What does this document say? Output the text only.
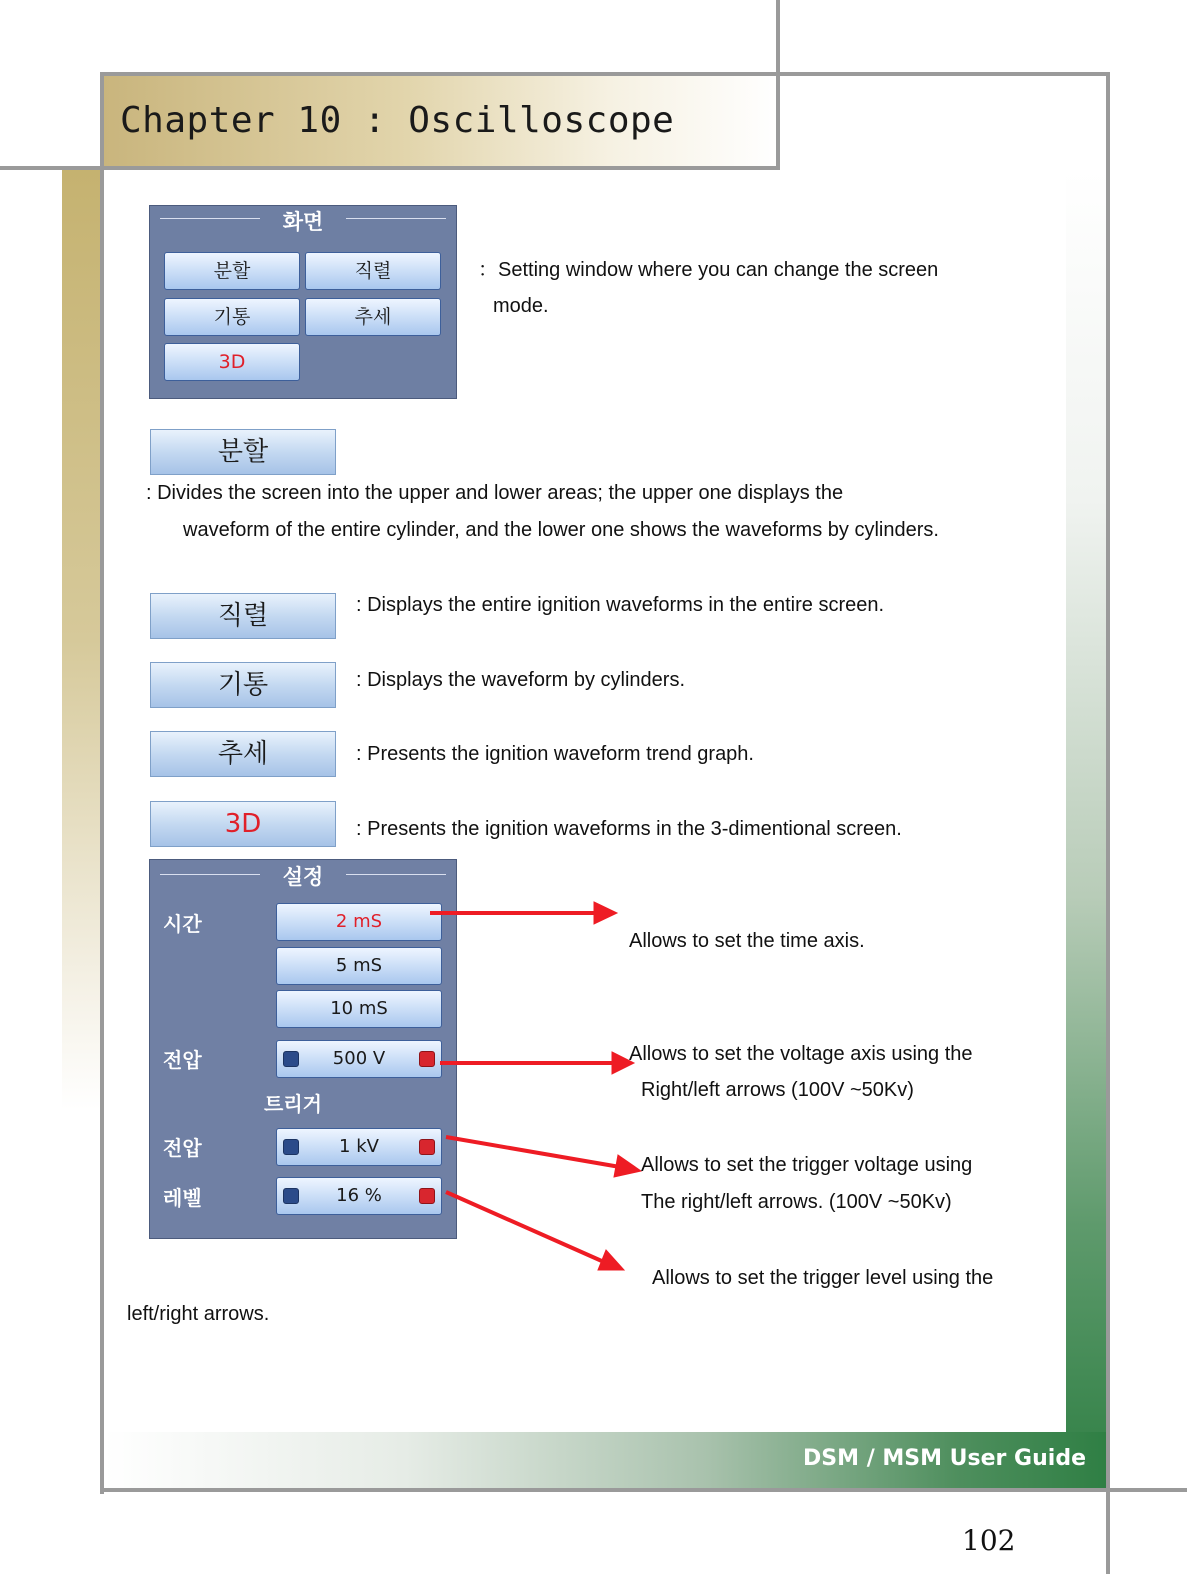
Chapter 10 : Oscilloscope
DSM / MSM User Guide
102
화면
분할	직렬
기통	추세
3D
：Setting window where you can change the screen
mode.
분할
: Divides the screen into the upper and lower areas; the upper one displays the
waveform of the entire cylinder, and the lower one shows the waveforms by cylinders.
직렬	: Displays the entire ignition waveforms in the entire screen.
기통	: Displays the waveform by cylinders.
추세	: Presents the ignition waveform trend graph.
3D	: Presents the ignition waveforms in the 3-dimentional screen.
설정
시간	2 mS
5 mS
10 mS
전압	500 V
트리거
전압	1 kV
레벨	16 %
Allows to set the time axis.
Allows to set the voltage axis using the
Right/left arrows (100V ~50Kv)
Allows to set the trigger voltage using
The right/left arrows. (100V ~50Kv)
Allows to set the trigger level using the
left/right arrows.
